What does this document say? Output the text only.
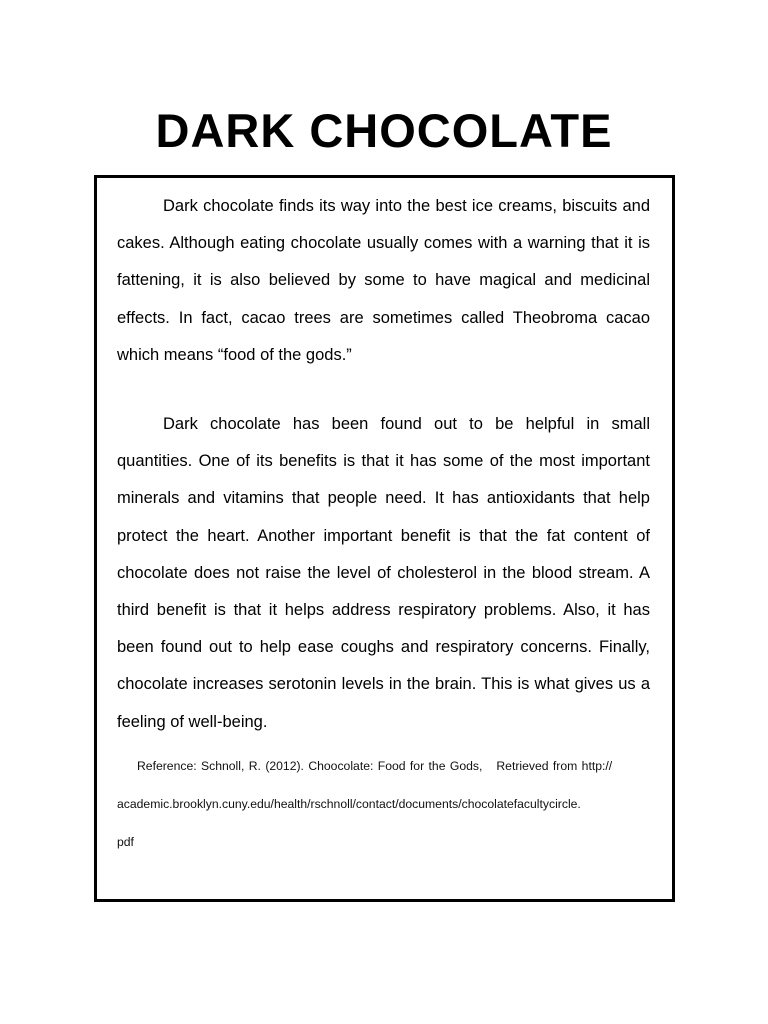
DARK CHOCOLATE

Dark chocolate finds its way into the best ice creams, biscuits and cakes. Although eating chocolate usually comes with a warning that it is fattening, it is also believed by some to have magical and medicinal effects. In fact, cacao trees are sometimes called Theobroma cacao which means “food of the gods.”

Dark chocolate has been found out to be helpful in small quantities. One of its benefits is that it has some of the most important minerals and vitamins that people need. It has antioxidants that help protect the heart. Another important benefit is that the fat content of chocolate does not raise the level of cholesterol in the blood stream. A third benefit is that it helps address respiratory problems. Also, it has been found out to help ease coughs and respiratory concerns. Finally, chocolate increases serotonin levels in the brain. This is what gives us a feeling of well-being.

Reference: Schnoll, R. (2012). Choocolate: Food for the Gods, Retrieved from http://
academic.brooklyn.cuny.edu/health/rschnoll/contact/documents/chocolatefacultycircle.
pdf
